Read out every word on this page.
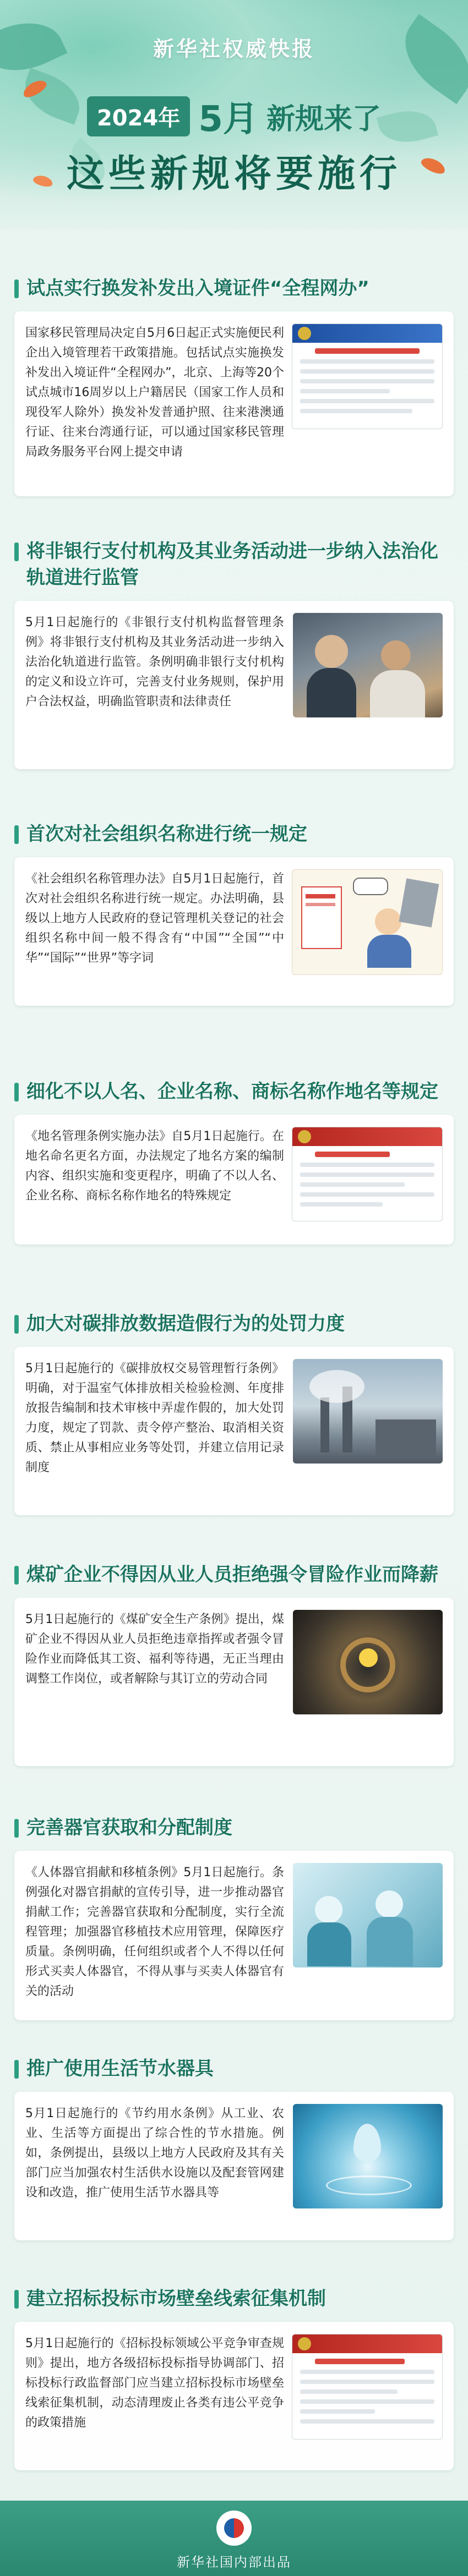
新华社权威快报
2024年 5月 新规来了
这些新规将要施行
试点实行换发补发出入境证件“全程网办”
国家移民管理局决定自5月6日起正式实施便民利企出入境管理若干政策措施。包括试点实施换发补发出入境证件“全程网办”，北京、上海等20个试点城市16周岁以上户籍居民（国家工作人员和现役军人除外）换发补发普通护照、往来港澳通行证、往来台湾通行证，可以通过国家移民管理局政务服务平台网上提交申请
将非银行支付机构及其业务活动进一步纳入法治化轨道进行监管
5月1日起施行的《非银行支付机构监督管理条例》将非银行支付机构及其业务活动进一步纳入法治化轨道进行监管。条例明确非银行支付机构的定义和设立许可，完善支付业务规则，保护用户合法权益，明确监管职责和法律责任
首次对社会组织名称进行统一规定
《社会组织名称管理办法》自5月1日起施行，首次对社会组织名称进行统一规定。办法明确，县级以上地方人民政府的登记管理机关登记的社会组织名称中间一般不得含有“中国”“全国”“中华”“国际”“世界”等字词
细化不以人名、企业名称、商标名称作地名等规定
《地名管理条例实施办法》自5月1日起施行。在地名命名更名方面，办法规定了地名方案的编制内容、组织实施和变更程序，明确了不以人名、企业名称、商标名称作地名的特殊规定
加大对碳排放数据造假行为的处罚力度
5月1日起施行的《碳排放权交易管理暂行条例》明确，对于温室气体排放相关检验检测、年度排放报告编制和技术审核中弄虚作假的，加大处罚力度，规定了罚款、责令停产整治、取消相关资质、禁止从事相应业务等处罚，并建立信用记录制度
煤矿企业不得因从业人员拒绝强令冒险作业而降薪
5月1日起施行的《煤矿安全生产条例》提出，煤矿企业不得因从业人员拒绝违章指挥或者强令冒险作业而降低其工资、福利等待遇，无正当理由调整工作岗位，或者解除与其订立的劳动合同
完善器官获取和分配制度
《人体器官捐献和移植条例》5月1日起施行。条例强化对器官捐献的宣传引导，进一步推动器官捐献工作；完善器官获取和分配制度，实行全流程管理；加强器官移植技术应用管理，保障医疗质量。条例明确，任何组织或者个人不得以任何形式买卖人体器官，不得从事与买卖人体器官有关的活动
推广使用生活节水器具
5月1日起施行的《节约用水条例》从工业、农业、生活等方面提出了综合性的节水措施。例如，条例提出，县级以上地方人民政府及其有关部门应当加强农村生活供水设施以及配套管网建设和改造，推广使用生活节水器具等
建立招标投标市场壁垒线索征集机制
5月1日起施行的《招标投标领域公平竞争审查规则》提出，地方各级招标投标指导协调部门、招标投标行政监督部门应当建立招标投标市场壁垒线索征集机制，动态清理废止各类有违公平竞争的政策措施
新华社国内部出品
